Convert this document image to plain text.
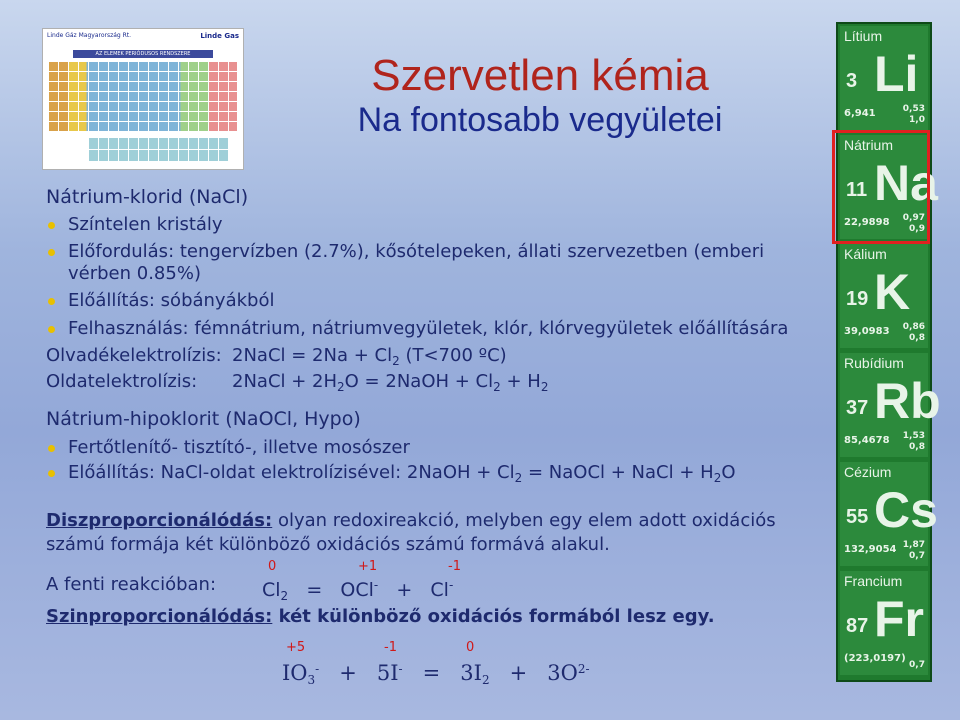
Linde Gáz Magyarország Rt.	Linde Gas
AZ ELEMEK PERIÓDUSOS RENDSZERE	Szervetlen kémia
Na fontosabb vegyületei
Lítium
3 Li
6,941	0,53
1,0
Nátrium
11 Na
22,9898 0,97
0,9
Kálium
19 K
39,0983 0,86
0,8
Rubídium
37 Rb
85,4678 1,53
0,8
Cézium
55 Cs
132,9054 1,87
0,7
Francium
87 Fr
(223,0197)

0,7
Nátrium-klorid (NaCl)
Színtelen kristály
Előfordulás: tengervízben (2.7%), kősótelepeken, állati szervezetben (emberi
vérben 0.85%)
Előállítás: sóbányákból
Felhasználás: fémnátrium, nátriumvegyületek, klór, klórvegyületek előállítására
Olvadékelektrolízis: 2NaCl = $2Na + Cl_2$ (T<700 ºC)
Oldatelektrolízis: 2NaCl + $2H_2O$ = 2NaOH + $Cl_2 + H_2$
Nátrium-hipoklorit (NaOCl, Hypo)
Fertőtlenítő- tisztító-, illetve mosószer
Előállítás: NaCl-oldat elektrolízisével: 2NaOH + $Cl_2$ = NaOCl + NaCl + $H_2O$
Diszproporcionálódás: olyan redoxireakció, melyben egy elem adott oxidációs
számú formája két különböző oxidációs számú formává alakul.
0	+1	-1
A fenti reakcióban: $Cl_2 = OCl^- + Cl^-$
Szinproporcionálódás: két különböző oxidációs formából lesz egy.
+5	-1	0
$IO_3^- + 5I^- = 3I_2 + 3O^{2-}$
